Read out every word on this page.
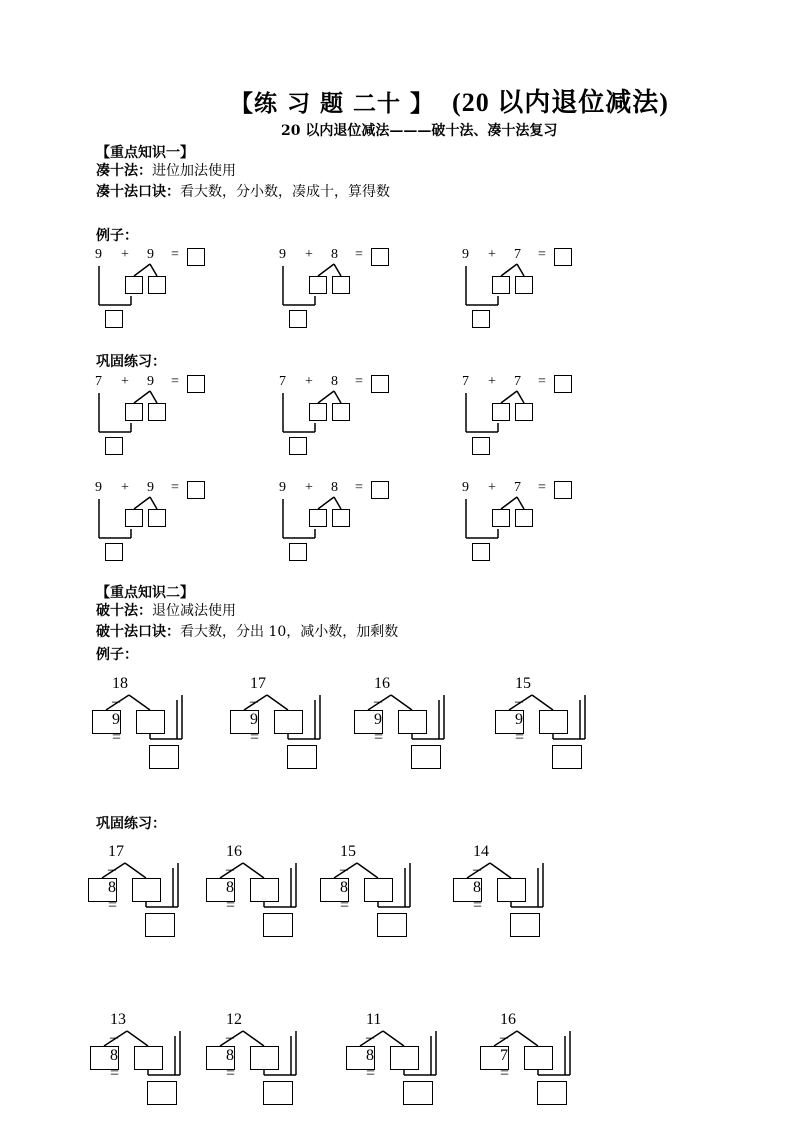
【练 习 题 二十 】 (20 以内退位减法)
20 以内退位减法———破十法、凑十法复习
【重点知识一】
凑十法：进位加法使用
凑十法口诀：看大数，分小数，凑成十，算得数
例子：
巩固练习：
【重点知识二】
破十法：退位减法使用
破十法口诀：看大数，分出 10，减小数，加剩数
例子：
巩固练习：
9 + 9 =	9 + 8 =	9 + 7 =
7 + 9 =	7 + 8 =	7 + 7 =
9 + 9 =	9 + 8 =	9 + 7 =
18 – 9 =
17 – 9 =
16 – 9 =
15 – 9 =
17 – 8 =
16 – 8 =
15 – 8 =
14 – 8 =
13 – 8 =
12 – 8 =
11 – 8 =
16 – 7 =
